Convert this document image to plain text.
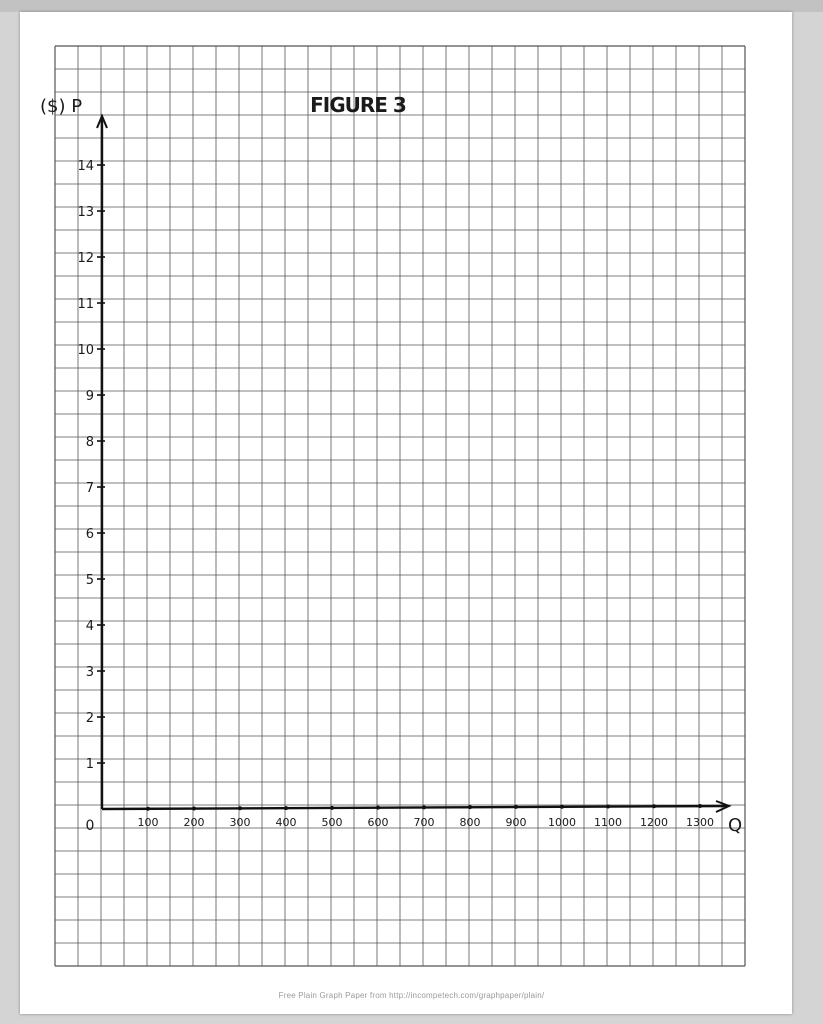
FIGURE 3
($) P
Q
0	100 200 300 400 500 600 700 800 900 1000 1100 1200 1300
1
2
3
4
5
6
7
8
9
10
11
12
13
14
Free Plain Graph Paper from http://incompetech.com/graphpaper/plain/
